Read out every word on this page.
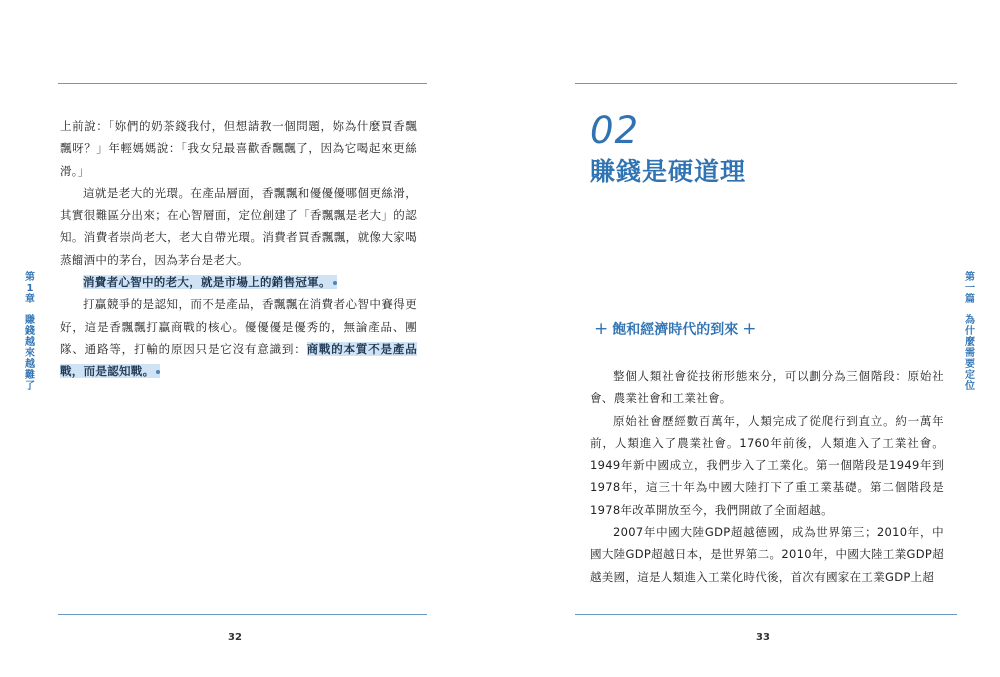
上前說：「妳們的奶茶錢我付，但想請教一個問題，妳為什麼買香飄飄呀？」年輕媽媽說：「我女兒最喜歡香飄飄了，因為它喝起來更絲滑。」

這就是老大的光環。在產品層面，香飄飄和優優優哪個更絲滑，其實很難區分出來；在心智層面，定位創建了「香飄飄是老大」的認知。消費者崇尚老大，老大自帶光環。消費者買香飄飄，就像大家喝蒸餾酒中的茅台，因為茅台是老大。

消費者心智中的老大，就是市場上的銷售冠軍。

打贏競爭的是認知，而不是產品，香飄飄在消費者心智中賽得更好，這是香飄飄打贏商戰的核心。優優優是優秀的，無論產品、團隊、通路等，打輸的原因只是它沒有意識到：商戰的本質不是產品戰，而是認知戰。

第1章
賺錢越來越難了
32	33
第一篇
為什麼需要定位
02
賺錢是硬道理
+ 飽和經濟時代的到來 +

整個人類社會從技術形態來分，可以劃分為三個階段：原始社會、農業社會和工業社會。

原始社會歷經數百萬年，人類完成了從爬行到直立。約一萬年前，人類進入了農業社會。1760年前後，人類進入了工業社會。1949年新中國成立，我們步入了工業化。第一個階段是1949年到1978年，這三十年為中國大陸打下了重工業基礎。第二個階段是1978年改革開放至今，我們開啟了全面超越。

2007年中國大陸GDP超越德國，成為世界第三；2010年，中國大陸GDP超越日本，是世界第二。2010年，中國大陸工業GDP超越美國，這是人類進入工業化時代後，首次有國家在工業GDP上超
